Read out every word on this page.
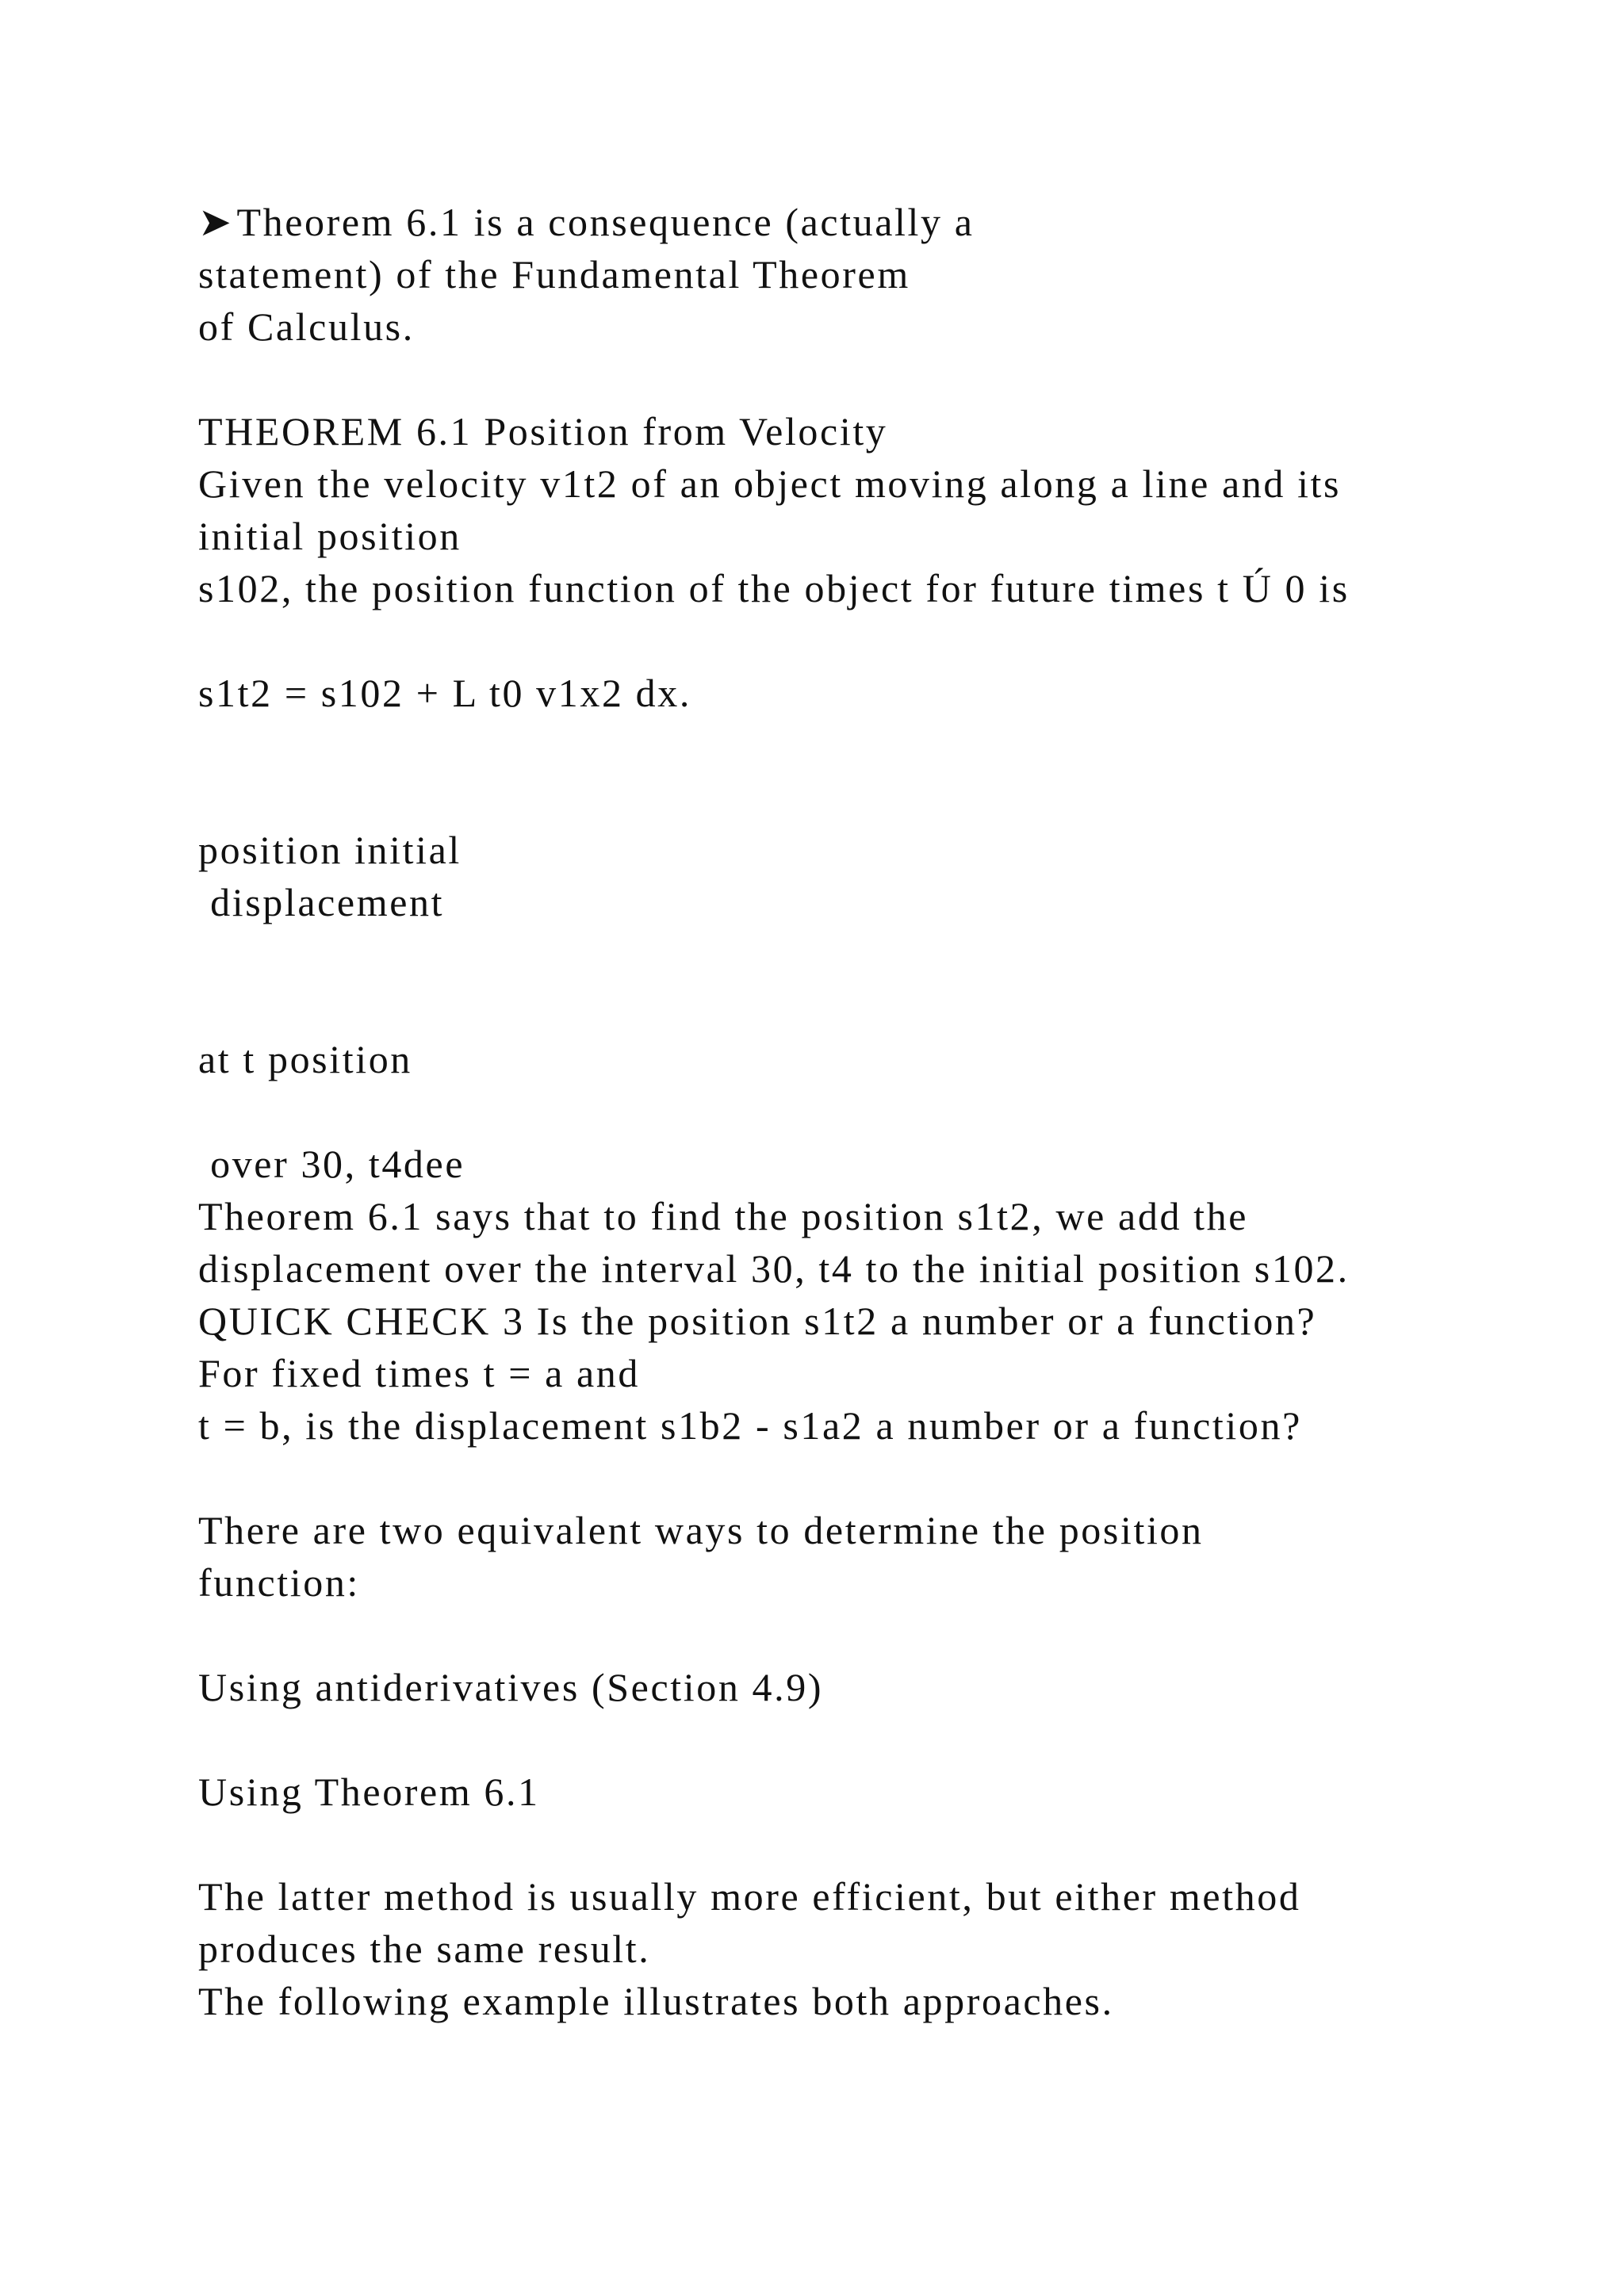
➤Theorem 6.1 is a consequence (actually a
statement) of the Fundamental Theorem
of Calculus.
THEOREM 6.1 Position from Velocity
Given the velocity v1t2 of an object moving along a line and its
initial position
s102, the position function of the object for future times t Ú 0 is
s1t2 = s102 + L t0 v1x2 dx.
position initial
displacement
at t position
over 30, t4dee
Theorem 6.1 says that to find the position s1t2, we add the
displacement over the interval 30, t4 to the initial position s102.
QUICK CHECK 3 Is the position s1t2 a number or a function?
For fixed times t = a and
t = b, is the displacement s1b2 - s1a2 a number or a function?
There are two equivalent ways to determine the position
function:
Using antiderivatives (Section 4.9)
Using Theorem 6.1
The latter method is usually more efficient, but either method
produces the same result.
The following example illustrates both approaches.
